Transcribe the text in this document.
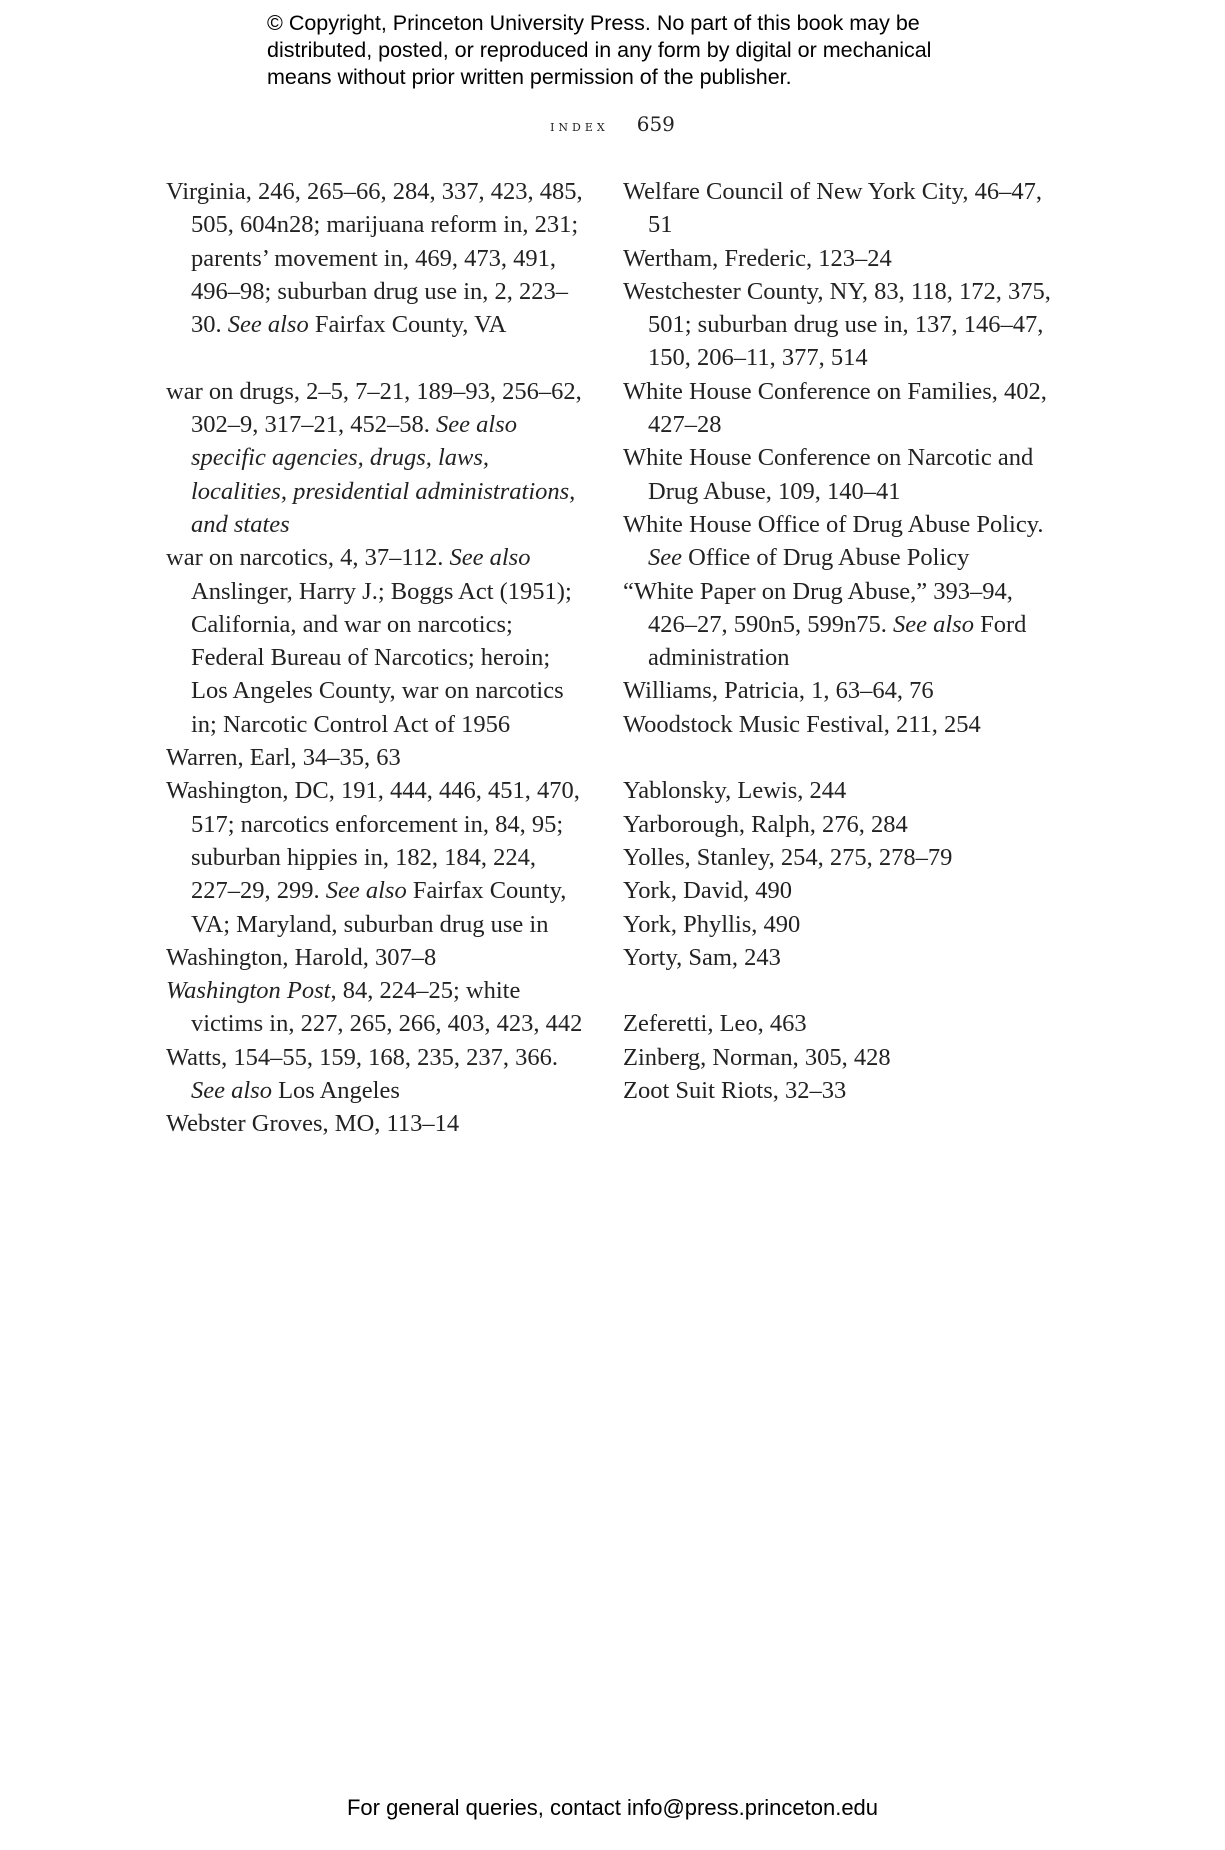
© Copyright, Princeton University Press. No part of this book may be
distributed, posted, or reproduced in any form by digital or mechanical
means without prior written permission of the publisher.
index 659

Virginia, 246, 265–66, 284, 337, 423, 485, 505, 604n28; marijuana reform in, 231; parents’ movement in, 469, 473, 491, 496–98; suburban drug use in, 2, 223–30. See also Fairfax County, VA

war on drugs, 2–5, 7–21, 189–93, 256–62, 302–9, 317–21, 452–58. See also specific agencies, drugs, laws, localities, presidential administrations, and states

war on narcotics, 4, 37–112. See also Anslinger, Harry J.; Boggs Act (1951); California, and war on narcotics; Federal Bureau of Narcotics; heroin; Los Angeles County, war on narcotics in; Narcotic Control Act of 1956

Warren, Earl, 34–35, 63

Washington, DC, 191, 444, 446, 451, 470, 517; narcotics enforcement in, 84, 95; suburban hippies in, 182, 184, 224, 227–29, 299. See also Fairfax County, VA; Maryland, suburban drug use in

Washington, Harold, 307–8

Washington Post, 84, 224–25; white victims in, 227, 265, 266, 403, 423, 442

Watts, 154–55, 159, 168, 235, 237, 366. See also Los Angeles

Webster Groves, MO, 113–14

Welfare Council of New York City, 46–47, 51

Wertham, Frederic, 123–24

Westchester County, NY, 83, 118, 172, 375, 501; suburban drug use in, 137, 146–47, 150, 206–11, 377, 514

White House Conference on Families, 402, 427–28

White House Conference on Narcotic and Drug Abuse, 109, 140–41

White House Office of Drug Abuse Policy. See Office of Drug Abuse Policy

“White Paper on Drug Abuse,” 393–94, 426–27, 590n5, 599n75. See also Ford administration

Williams, Patricia, 1, 63–64, 76

Woodstock Music Festival, 211, 254

Yablonsky, Lewis, 244

Yarborough, Ralph, 276, 284

Yolles, Stanley, 254, 275, 278–79

York, David, 490

York, Phyllis, 490

Yorty, Sam, 243

Zeferetti, Leo, 463

Zinberg, Norman, 305, 428

Zoot Suit Riots, 32–33

For general queries, contact info@press.princeton.edu
